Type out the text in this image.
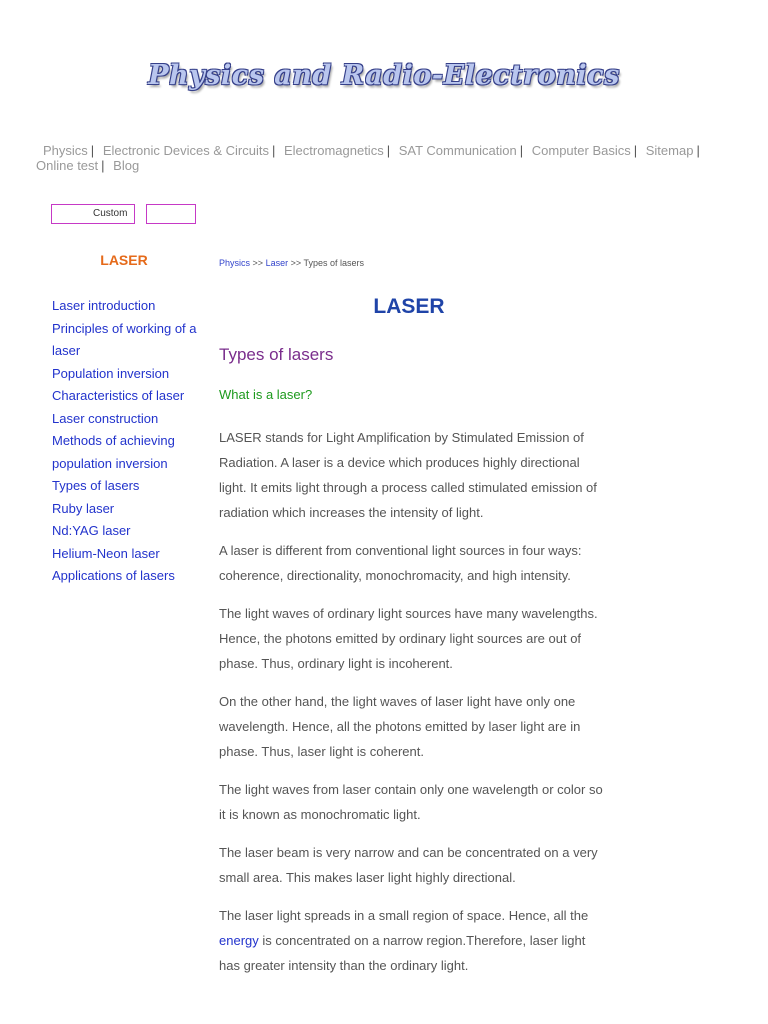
Physics and Radio-Electronics
Physics | Electronic Devices & Circuits | Electromagnetics | SAT Communication | Computer Basics | Sitemap | Online test | Blog
Custom
LASER
Laser introduction
Principles of working of a laser
Population inversion
Characteristics of laser
Laser construction
Methods of achieving population inversion
Types of lasers
Ruby laser
Nd:YAG laser
Helium-Neon laser
Applications of lasers
Physics >> Laser >> Types of lasers
LASER
Types of lasers
What is a laser?

LASER stands for Light Amplification by Stimulated Emission of Radiation. A laser is a device which produces highly directional light. It emits light through a process called stimulated emission of radiation which increases the intensity of light.

A laser is different from conventional light sources in four ways: coherence, directionality, monochromacity, and high intensity.

The light waves of ordinary light sources have many wavelengths. Hence, the photons emitted by ordinary light sources are out of phase. Thus, ordinary light is incoherent.

On the other hand, the light waves of laser light have only one wavelength. Hence, all the photons emitted by laser light are in phase. Thus, laser light is coherent.

The light waves from laser contain only one wavelength or color so it is known as monochromatic light.

The laser beam is very narrow and can be concentrated on a very small area. This makes laser light highly directional.

The laser light spreads in a small region of space. Hence, all the energy is concentrated on a narrow region.Therefore, laser light has greater intensity than the ordinary light.
